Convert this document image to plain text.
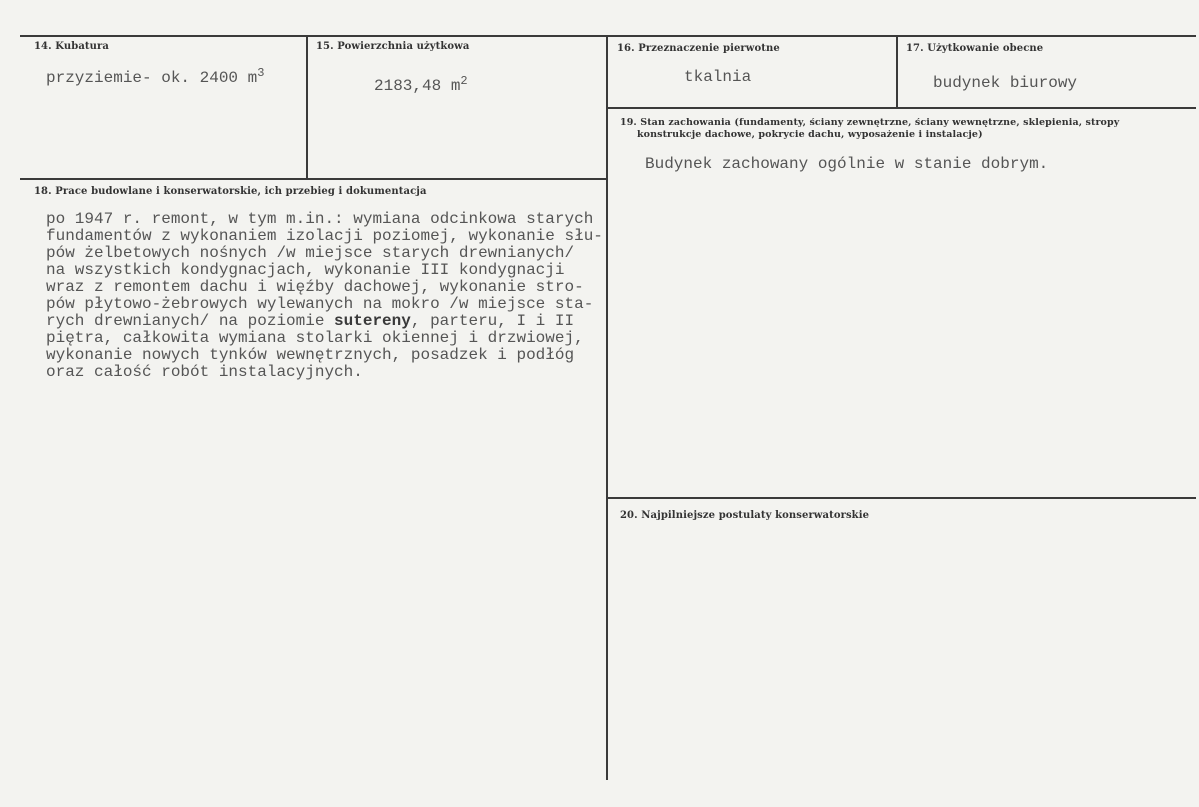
14. Kubatura
przyziemie- ok. 2400 $m^3$
15. Powierzchnia użytkowa
2183,48 $m^2$
16. Przeznaczenie pierwotne
tkalnia
17. Użytkowanie obecne
budynek biurowy
19. Stan zachowania (fundamenty, ściany zewnętrzne, ściany wewnętrzne, sklepienia, stropy
konstrukcje dachowe, pokrycie dachu, wyposażenie i instalacje)
Budynek zachowany ogólnie w stanie dobrym.
18. Prace budowlane i konserwatorskie, ich przebieg i dokumentacja
po 1947 r. remont, w tym m.in.: wymiana odcinkowa starych
fundamentów z wykonaniem izolacji poziomej, wykonanie słu-
pów żelbetowych nośnych /w miejsce starych drewnianych/
na wszystkich kondygnacjach, wykonanie III kondygnacji
wraz z remontem dachu i więźby dachowej, wykonanie stro-
pów płytowo-żebrowych wylewanych na mokro /w miejsce sta-
rych drewnianych/ na poziomie sutereny, parteru, I i II
piętra, całkowita wymiana stolarki okiennej i drzwiowej,
wykonanie nowych tynków wewnętrznych, posadzek i podłóg
oraz całość robót instalacyjnych.
20. Najpilniejsze postulaty konserwatorskie
